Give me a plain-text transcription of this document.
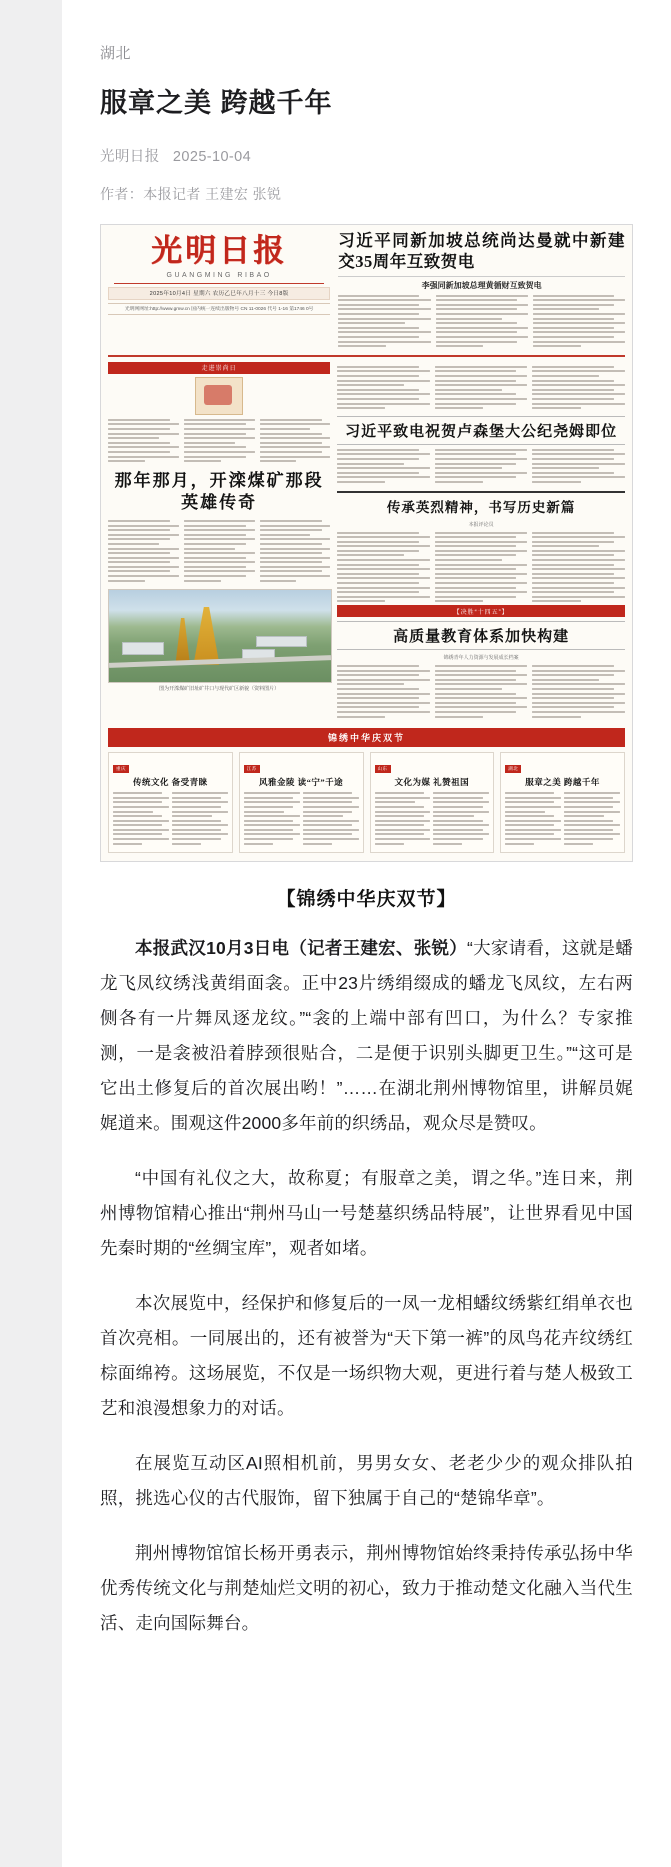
湖北
服章之美 跨越千年
光明日报 2025-10-04
作者：本报记者 王建宏 张锐
光明日报
GUANGMING RIBAO
2025年10月4日 星期六 农历乙巳年八月十三 今日8版
光明网网址:http://www.gmw.cn 国内统一连续出版物号 CN 11-0026 代号 1-16 第1746 0号
习近平同新加坡总统尚达曼就中新建交35周年互致贺电
李强同新加坡总理黄循财互致贺电
走进崇尚日
那年那月，开滦煤矿那段英雄传奇
图为开滦煤矿旧址矿井口与现代矿区新貌（资料图片）
习近平致电祝贺卢森堡大公纪尧姆即位
传承英烈精神，书写历史新篇
本报评论员
【决胜“十四五”】
高质量教育体系加快构建
锦绣青年人力资源与发展成长档案
锦绣中华庆双节
重庆
传统文化 备受青睐
江苏
风雅金陵 读“宁”千途
山东
文化为媒 礼赞祖国
湖北
服章之美 跨越千年
【锦绣中华庆双节】

本报武汉10月3日电（记者王建宏、张锐）“大家请看，这就是蟠龙飞凤纹绣浅黄绢面衾。正中23片绣绢缀成的蟠龙飞凤纹，左右两侧各有一片舞凤逐龙纹。”“衾的上端中部有凹口，为什么？专家推测，一是衾被沿着脖颈很贴合，二是便于识别头脚更卫生。”“这可是它出土修复后的首次展出哟！”……在湖北荆州博物馆里，讲解员娓娓道来。围观这件2000多年前的织绣品，观众尽是赞叹。

“中国有礼仪之大，故称夏；有服章之美，谓之华。”连日来，荆州博物馆精心推出“荆州马山一号楚墓织绣品特展”，让世界看见中国先秦时期的“丝绸宝库”，观者如堵。

本次展览中，经保护和修复后的一凤一龙相蟠纹绣紫红绢单衣也首次亮相。一同展出的，还有被誉为“天下第一裤”的凤鸟花卉纹绣红棕面绵袴。这场展览，不仅是一场织物大观，更进行着与楚人极致工艺和浪漫想象力的对话。

在展览互动区AI照相机前，男男女女、老老少少的观众排队拍照，挑选心仪的古代服饰，留下独属于自己的“楚锦华章”。

荆州博物馆馆长杨开勇表示，荆州博物馆始终秉持传承弘扬中华优秀传统文化与荆楚灿烂文明的初心，致力于推动楚文化融入当代生活、走向国际舞台。
